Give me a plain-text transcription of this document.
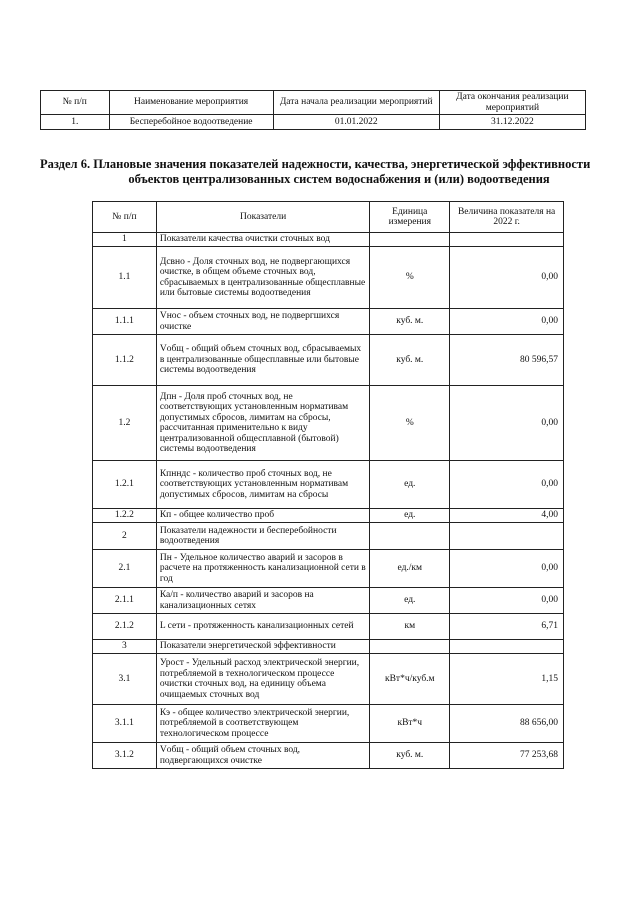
№ п/п	Наименование мероприятия	Дата начала реализации мероприятий	Дата окончания реализации мероприятий
1.	Бесперебойное водоотведение	01.01.2022	31.12.2022
Раздел 6. Плановые значения показателей надежности, качества, энергетической эффективности
объектов централизованных систем водоснабжения и (или) водоотведения
№ п/п	Показатели	Единица измерения	Величина показателя на 2022 г.
1	Показатели качества очистки сточных вод		
1.1	Дсвно - Доля сточных вод, не подвергающихся очистке, в общем объеме сточных вод, сбрасываемых в централизованные общесплавные или бытовые системы водоотведения	%	0,00
1.1.1	Vнос - объем сточных вод, не подвергшихся очистке	куб. м.	0,00
1.1.2	Vобщ - общий объем сточных вод, сбрасываемых в централизованные общесплавные или бытовые системы водоотведения	куб. м.	80 596,57
1.2	Дпн - Доля проб сточных вод, не соответствующих установленным нормативам допустимых сбросов, лимитам на сбросы, рассчитанная применительно к виду централизованной общесплавной (бытовой) системы водоотведения	%	0,00
1.2.1	Кпнндс - количество проб сточных вод, не соответствующих установленным нормативам допустимых сбросов, лимитам на сбросы	ед.	0,00
1.2.2	Кп - общее количество проб	ед.	4,00
2	Показатели надежности и бесперебойности водоотведения		
2.1	Пн - Удельное количество аварий и засоров в расчете на протяженность канализационной сети в год	ед./км	0,00
2.1.1	Ка/п - количество аварий и засоров на канализационных сетях	ед.	0,00
2.1.2	L сети - протяженность канализационных сетей	км	6,71
3	Показатели энергетической эффективности		
3.1	Урост - Удельный расход электрической энергии, потребляемой в технологическом процессе очистки сточных вод, на единицу объема очищаемых сточных вод	кВт*ч/куб.м	1,15
3.1.1	Кэ - общее количество электрической энергии, потребляемой в соответствующем технологическом процессе	кВт*ч	88 656,00
3.1.2	Vобщ - общий объем сточных вод, подвергающихся очистке	куб. м.	77 253,68
